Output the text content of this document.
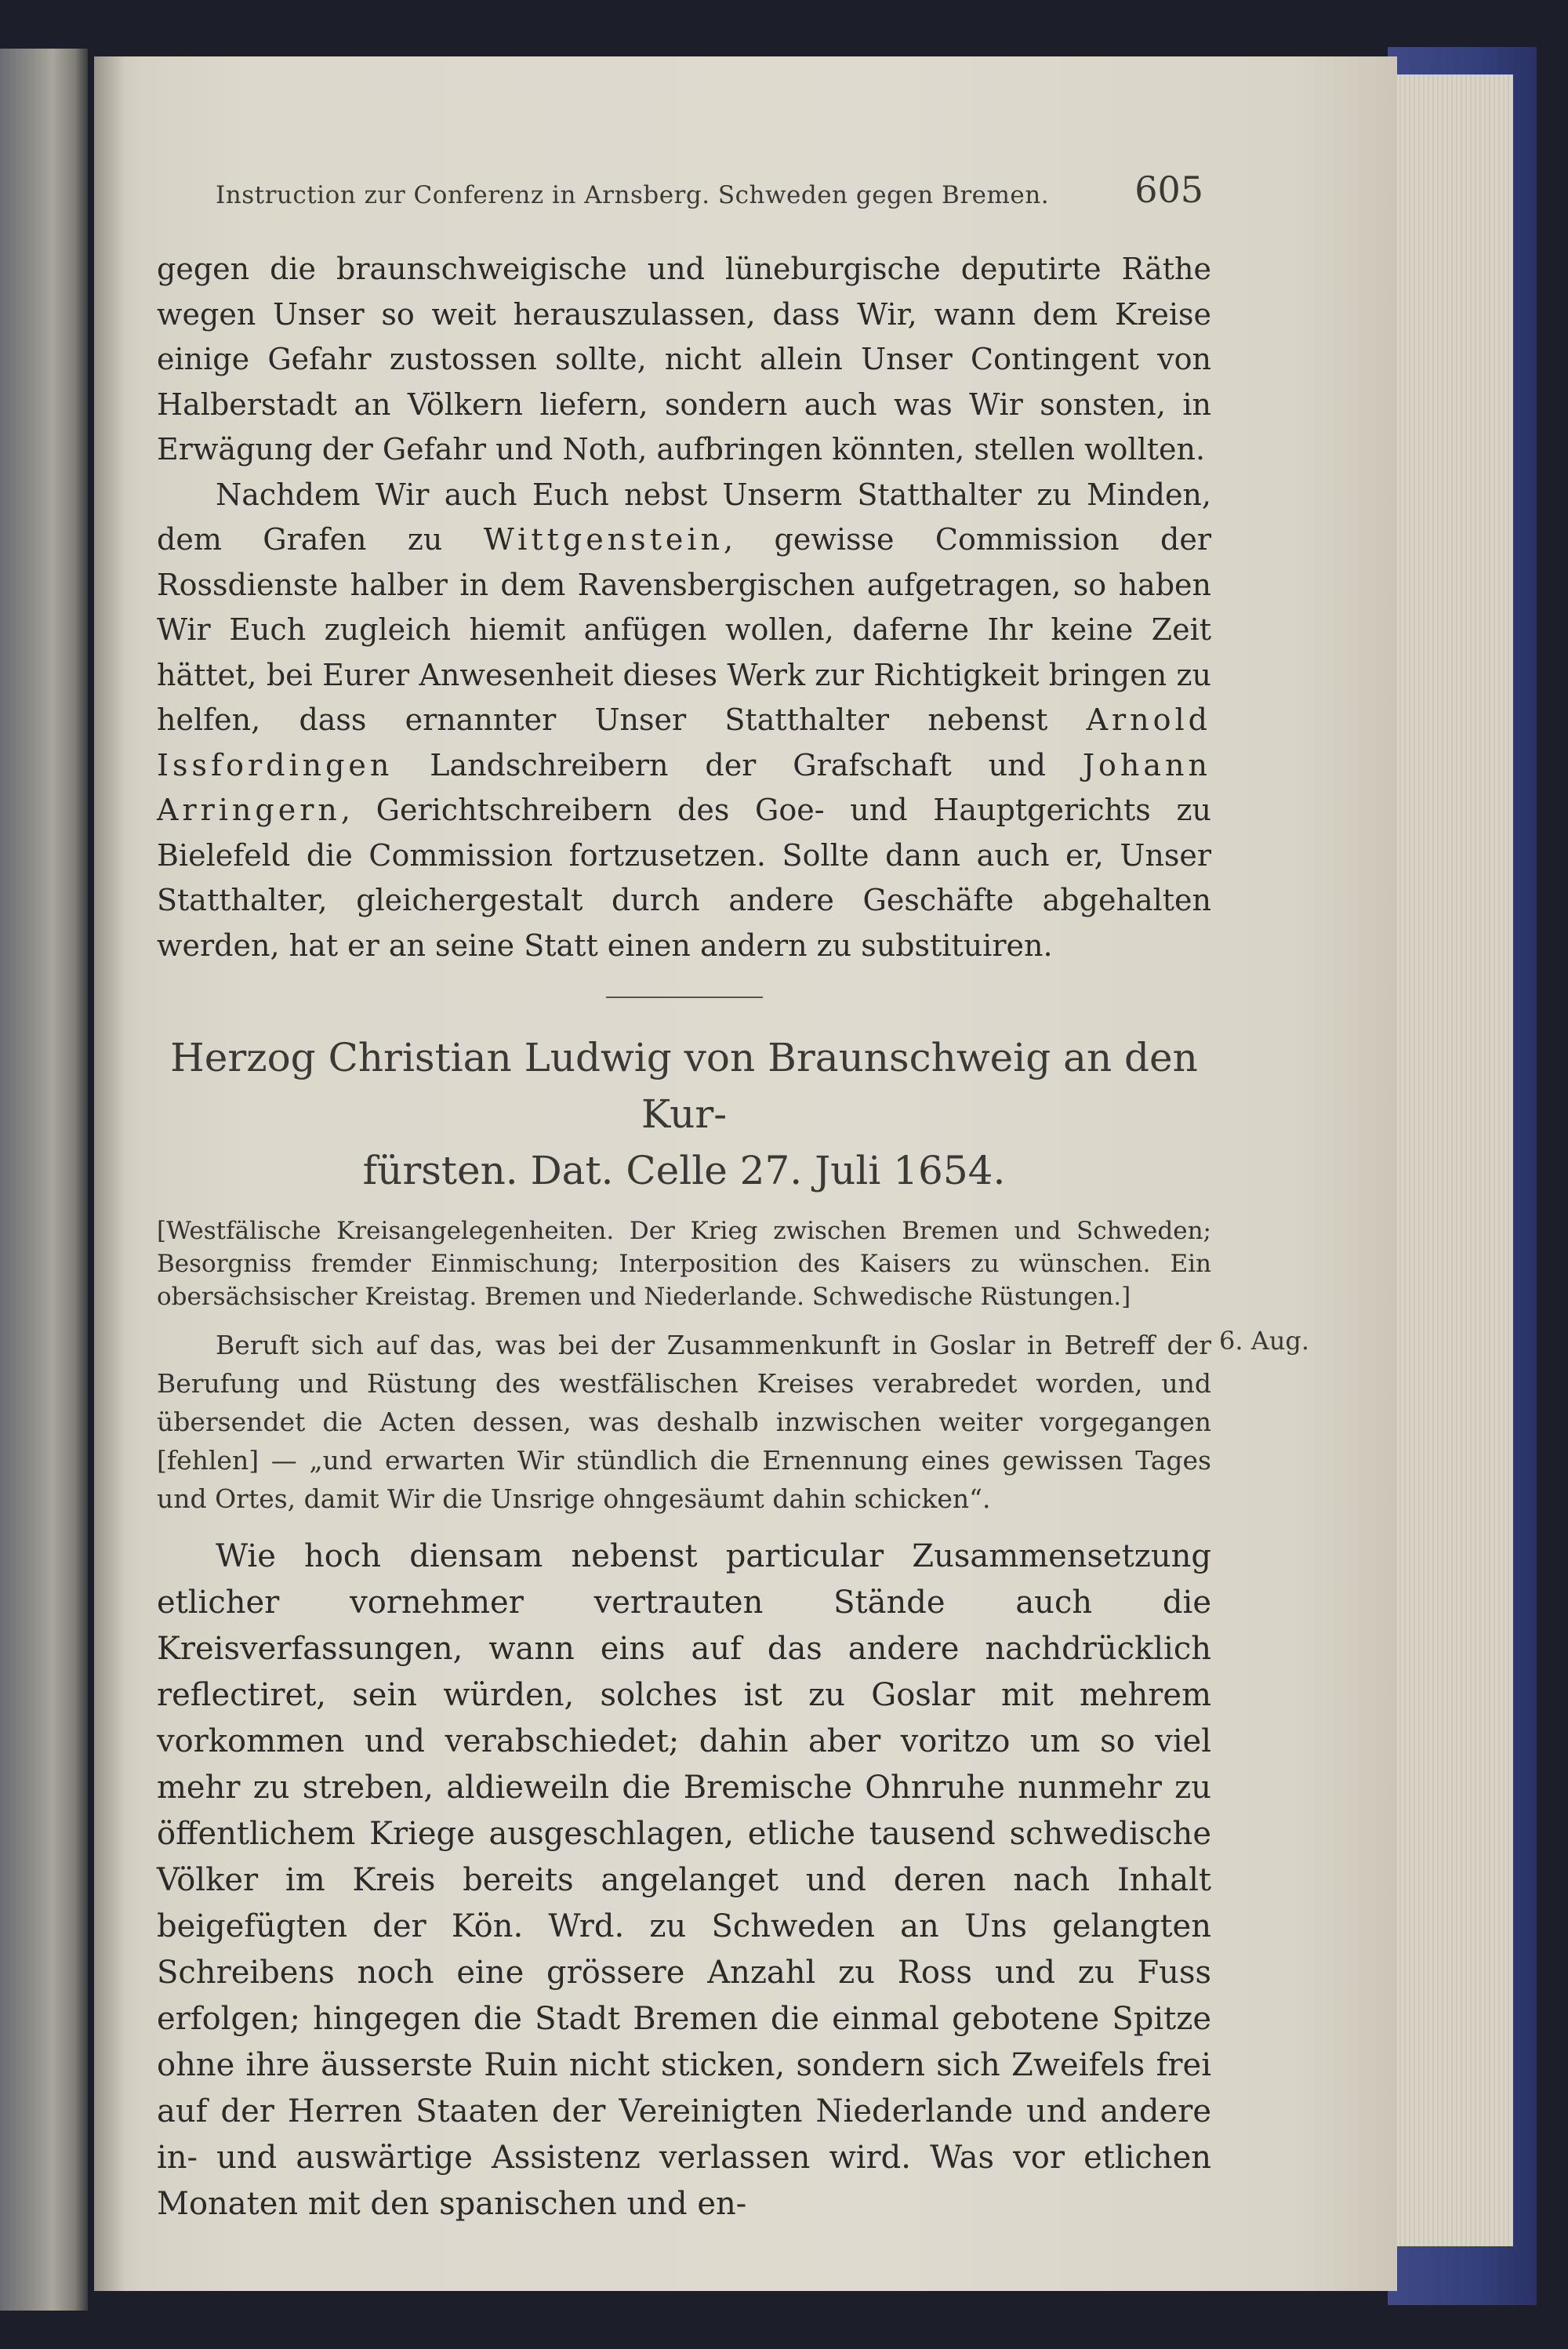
Instruction zur Conferenz in Arnsberg. Schweden gegen Bremen. 605

gegen die braunschweigische und lüneburgische deputirte Räthe wegen Unser so weit herauszulassen, dass Wir, wann dem Kreise einige Gefahr zustossen sollte, nicht allein Unser Contingent von Halberstadt an Völkern liefern, sondern auch was Wir sonsten, in Erwägung der Gefahr und Noth, aufbringen könnten, stellen wollten.

Nachdem Wir auch Euch nebst Unserm Statthalter zu Minden, dem Grafen zu Wittgenstein, gewisse Commission der Rossdienste halber in dem Ravensbergischen aufgetragen, so haben Wir Euch zugleich hiemit anfügen wollen, daferne Ihr keine Zeit hättet, bei Eurer Anwesenheit dieses Werk zur Richtigkeit bringen zu helfen, dass ernannter Unser Statthalter nebenst Arnold Issfordingen Landschreibern der Grafschaft und Johann Arringern, Gerichtschreibern des Goe- und Hauptgerichts zu Bielefeld die Commission fortzusetzen. Sollte dann auch er, Unser Statthalter, gleichergestalt durch andere Geschäfte abgehalten werden, hat er an seine Statt einen andern zu substituiren.

Herzog Christian Ludwig von Braunschweig an den Kur-
fürsten. Dat. Celle 27. Juli 1654.

[Westfälische Kreisangelegenheiten. Der Krieg zwischen Bremen und Schweden; Besorgniss fremder Einmischung; Interposition des Kaisers zu wünschen. Ein obersächsischer Kreistag. Bremen und Niederlande. Schwedische Rüstungen.]

6. Aug.

Beruft sich auf das, was bei der Zusammenkunft in Goslar in Betreff der Berufung und Rüstung des westfälischen Kreises verabredet worden, und übersendet die Acten dessen, was deshalb inzwischen weiter vorgegangen [fehlen] — „und erwarten Wir stündlich die Ernennung eines gewissen Tages und Ortes, damit Wir die Unsrige ohngesäumt dahin schicken“.

Wie hoch diensam nebenst particular Zusammensetzung etlicher vornehmer vertrauten Stände auch die Kreisverfassungen, wann eins auf das andere nachdrücklich reflectiret, sein würden, solches ist zu Goslar mit mehrem vorkommen und verabschiedet; dahin aber voritzo um so viel mehr zu streben, aldieweiln die Bremische Ohnruhe nunmehr zu öffentlichem Kriege ausgeschlagen, etliche tausend schwedische Völker im Kreis bereits angelanget und deren nach Inhalt beigefügten der Kön. Wrd. zu Schweden an Uns gelangten Schreibens noch eine grössere Anzahl zu Ross und zu Fuss erfolgen; hingegen die Stadt Bremen die einmal gebotene Spitze ohne ihre äusserste Ruin nicht sticken, sondern sich Zweifels frei auf der Herren Staaten der Vereinigten Niederlande und andere in- und auswärtige Assistenz verlassen wird. Was vor etlichen Monaten mit den spanischen und en-
